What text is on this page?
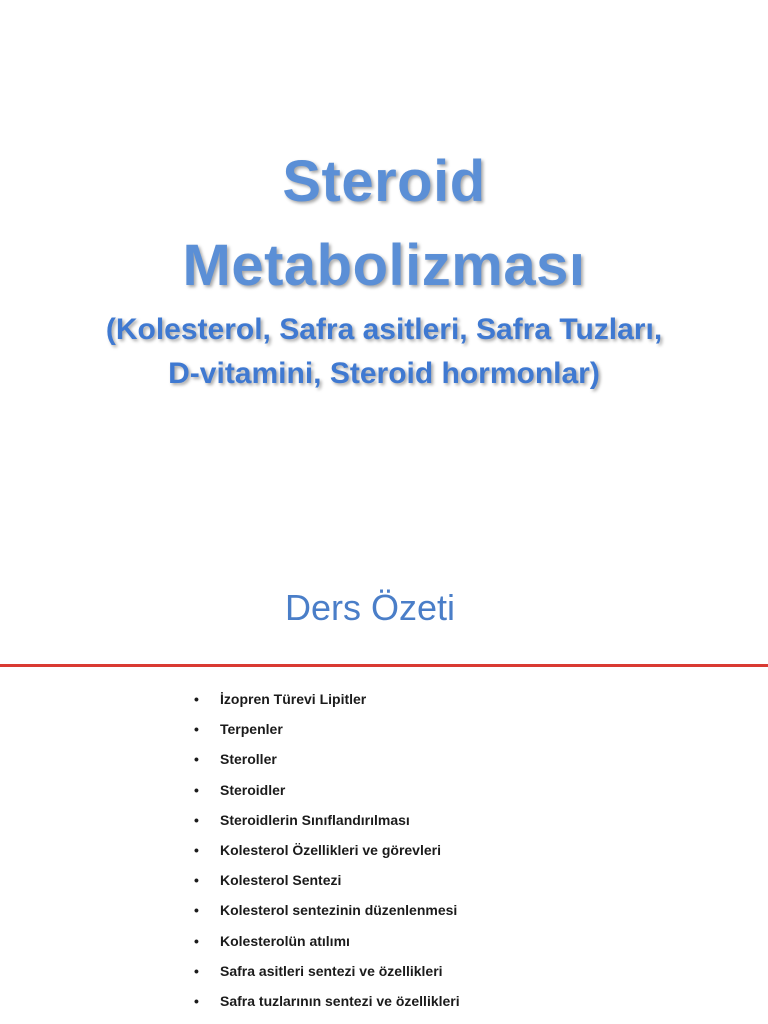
Steroid
Metabolizması
(Kolesterol, Safra asitleri, Safra Tuzları,
D-vitamini, Steroid hormonlar)
Ders Özeti
•	İzopren Türevi Lipitler
•	Terpenler
•	Steroller
•	Steroidler
•	Steroidlerin Sınıflandırılması
•	Kolesterol Özellikleri ve görevleri
•	Kolesterol Sentezi
•	Kolesterol sentezinin düzenlenmesi
•	Kolesterolün atılımı
•	Safra asitleri sentezi ve özellikleri
•	Safra tuzlarının sentezi ve özellikleri
